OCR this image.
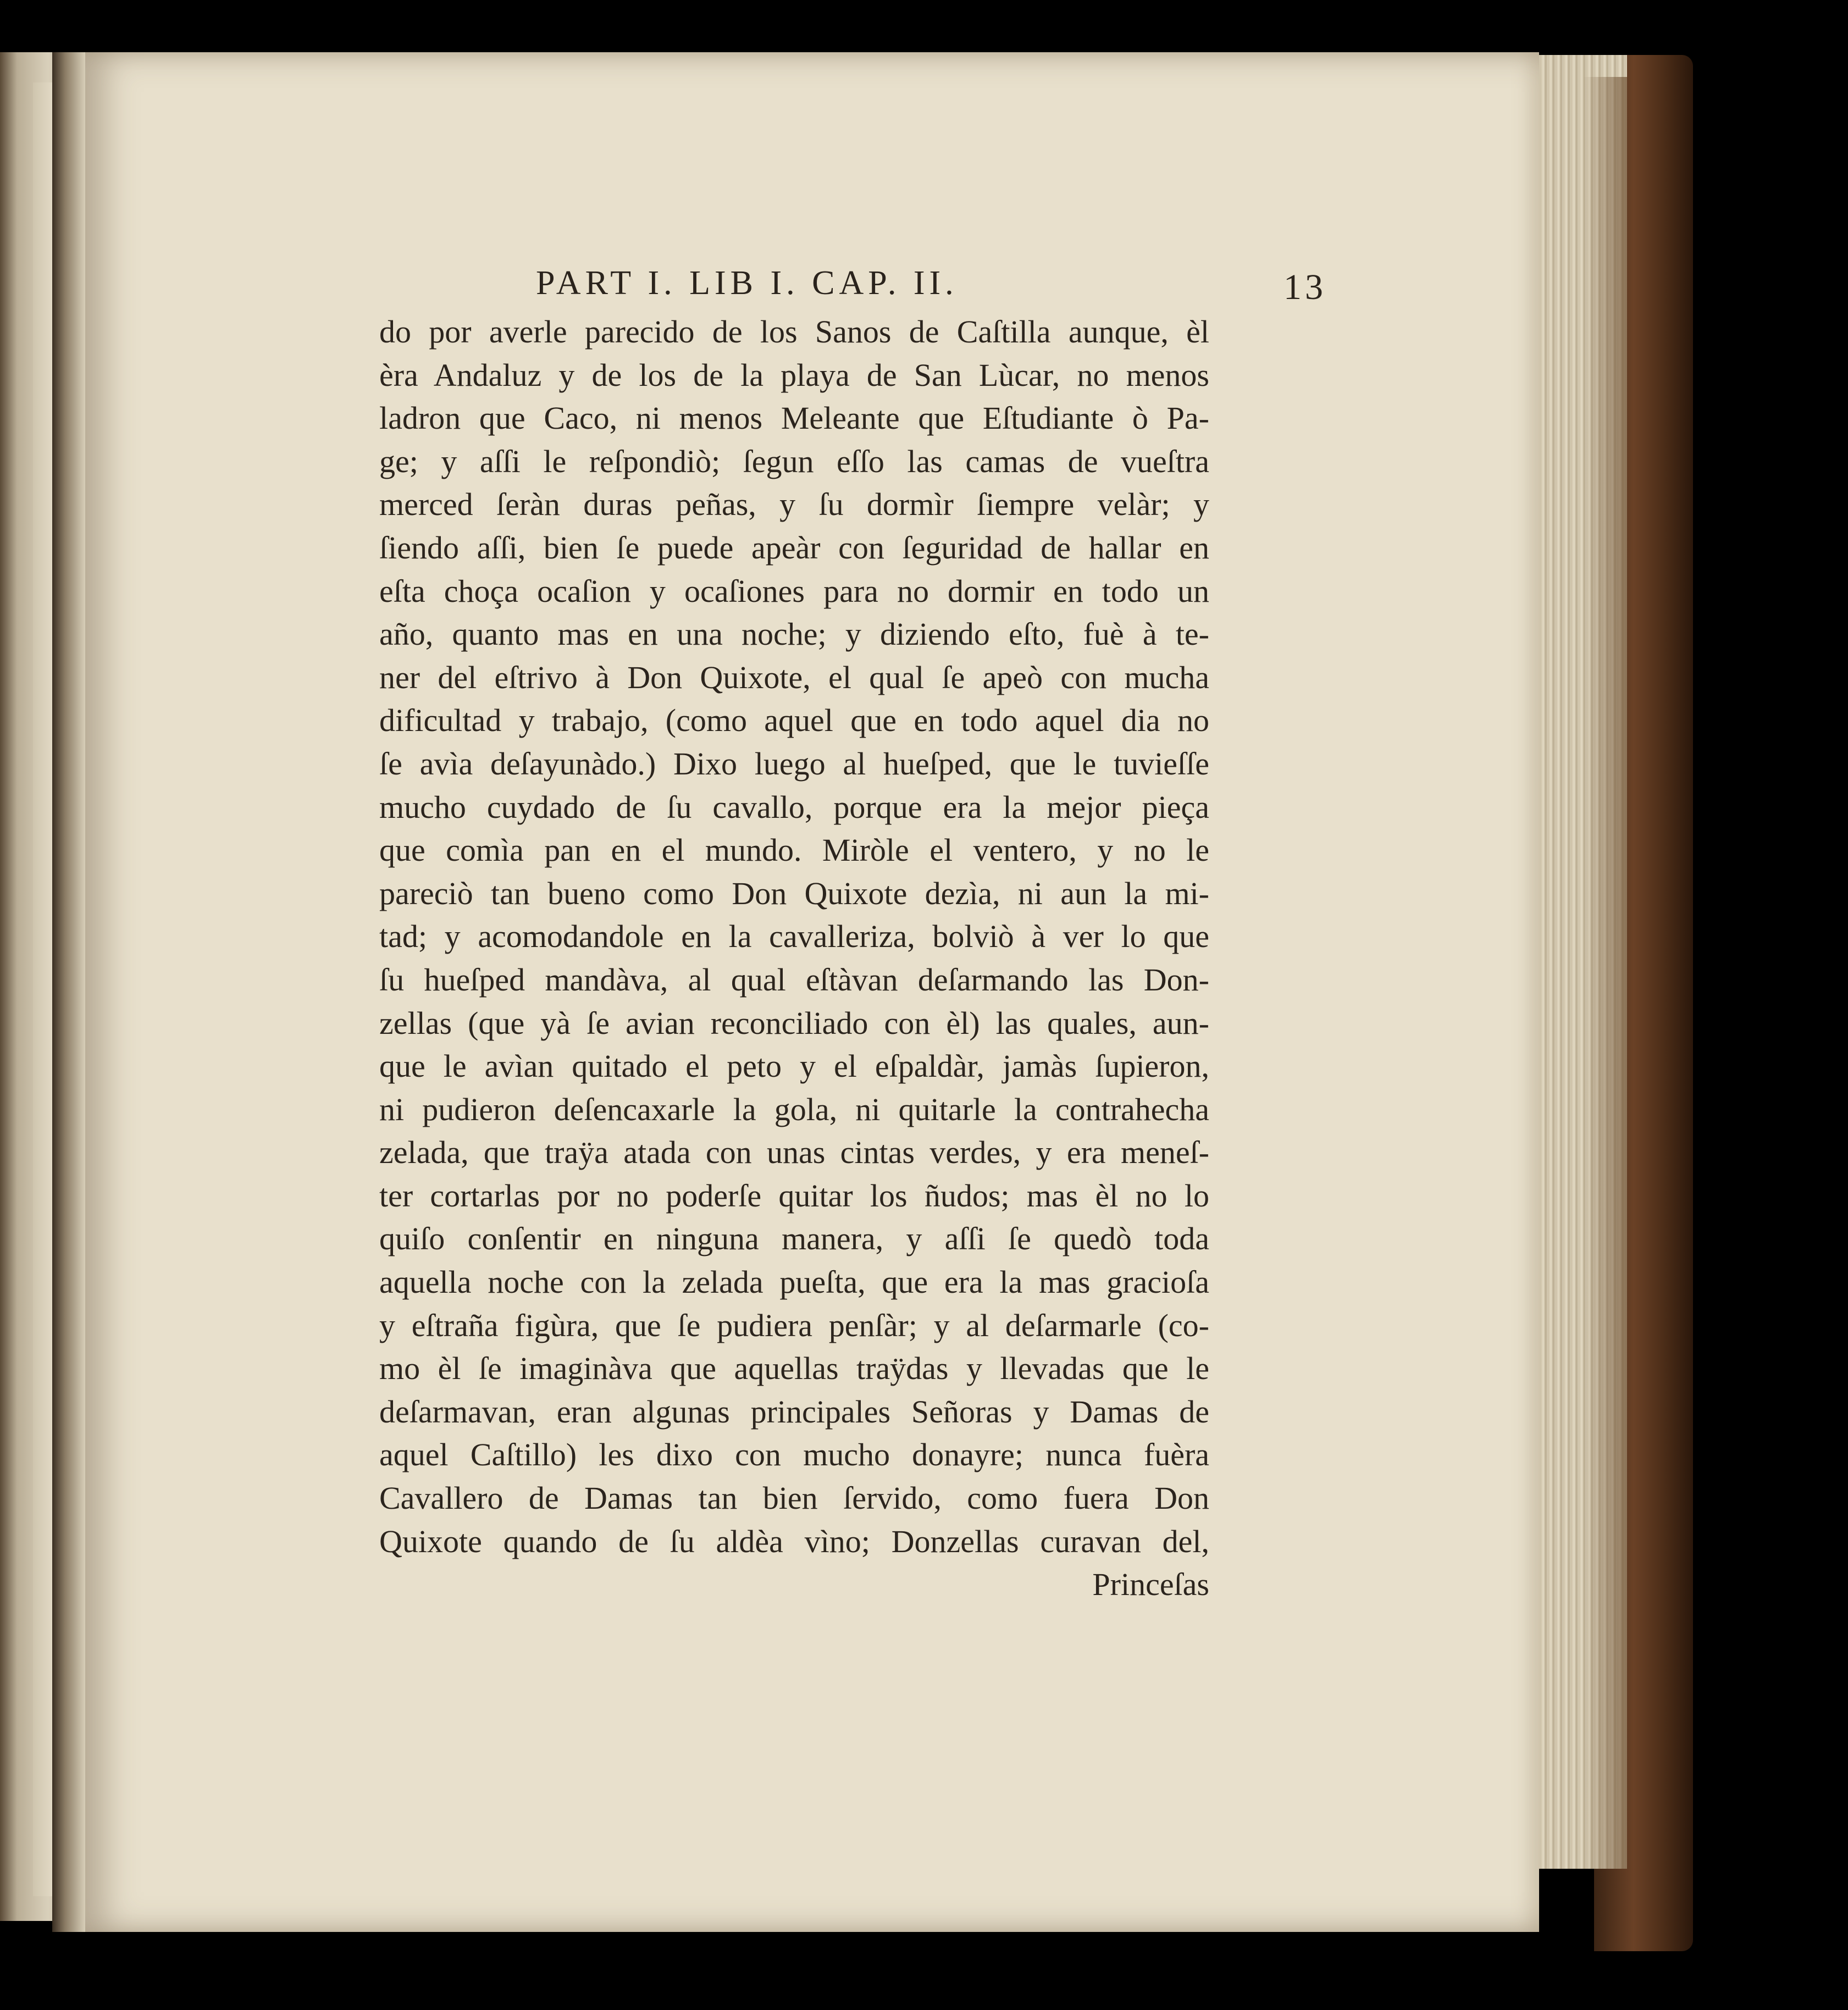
PART I. LIB I. CAP. II.	13
do por averle parecido de los Sanos de Caſtilla aunque, èl
èra Andaluz y de los de la playa de San Lùcar, no menos
ladron que Caco, ni menos Meleante que Eſtudiante ò Pa-
ge; y aſſi le reſpondiò; ſegun eſſo las camas de vueſtra
merced ſeràn duras peñas, y ſu dormìr ſiempre velàr; y
ſiendo aſſi, bien ſe puede apeàr con ſeguridad de hallar en
eſta choça ocaſion y ocaſiones para no dormir en todo un
año, quanto mas en una noche; y diziendo eſto, fuè à te-
ner del eſtrivo à Don Quixote, el qual ſe apeò con mucha
dificultad y trabajo, (como aquel que en todo aquel dia no
ſe avìa deſayunàdo.) Dixo luego al hueſped, que le tuvieſſe
mucho cuydado de ſu cavallo, porque era la mejor pieça
que comìa pan en el mundo. Miròle el ventero, y no le
pareciò tan bueno como Don Quixote dezìa, ni aun la mi-
tad; y acomodandole en la cavalleriza, bolviò à ver lo que
ſu hueſped mandàva, al qual eſtàvan deſarmando las Don-
zellas (que yà ſe avian reconciliado con èl) las quales, aun-
que le avìan quitado el peto y el eſpaldàr, jamàs ſupieron,
ni pudieron deſencaxarle la gola, ni quitarle la contrahecha
zelada, que traÿa atada con unas cintas verdes, y era meneſ-
ter cortarlas por no poderſe quitar los ñudos; mas èl no lo
quiſo conſentir en ninguna manera, y aſſi ſe quedò toda
aquella noche con la zelada pueſta, que era la mas gracioſa
y eſtraña figùra, que ſe pudiera penſàr; y al deſarmarle (co-
mo èl ſe imaginàva que aquellas traÿdas y llevadas que le
deſarmavan, eran algunas principales Señoras y Damas de
aquel Caſtillo) les dixo con mucho donayre; nunca fuèra
Cavallero de Damas tan bien ſervido, como fuera Don
Quixote quando de ſu aldèa vìno; Donzellas curavan del,
Princeſas
